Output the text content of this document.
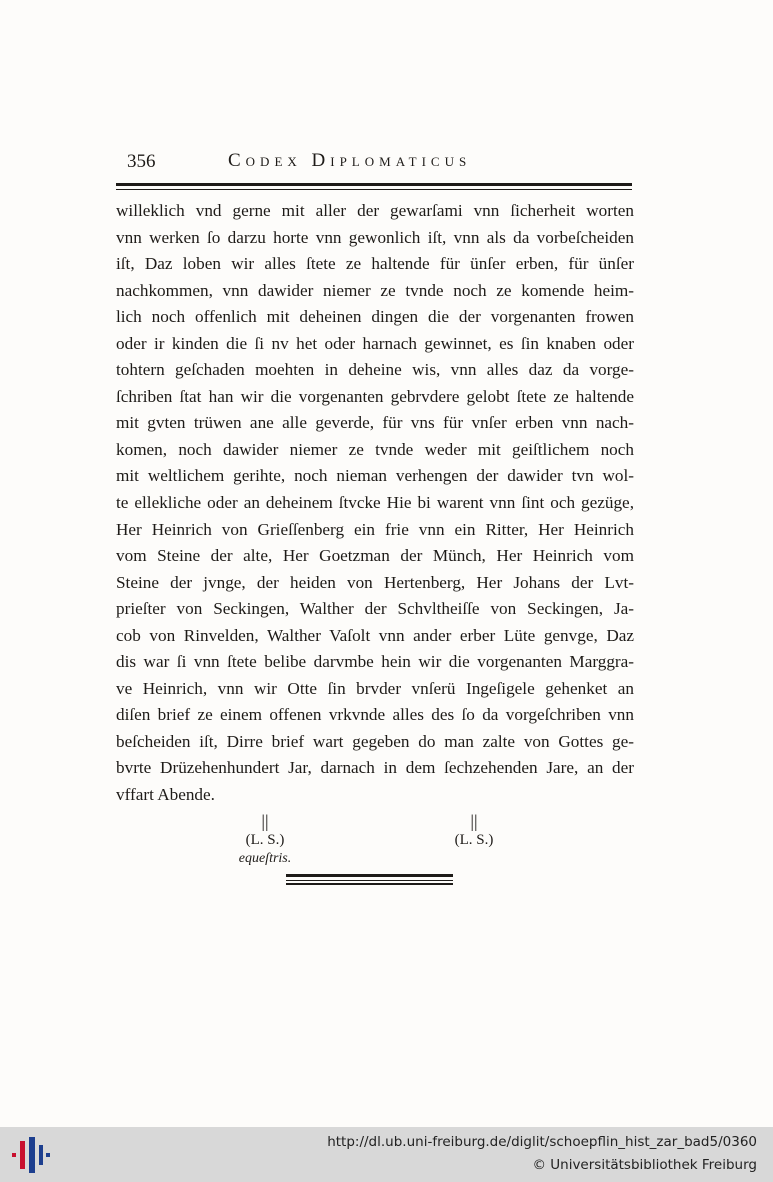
356	Codex Diplomaticus
willeklich vnd gerne mit aller der gewarſami vnn ſicherheit worten
vnn werken ſo darzu horte vnn gewonlich iſt, vnn als da vorbeſcheiden
iſt, Daz loben wir alles ſtete ze haltende für ünſer erben, für ünſer
nachkommen, vnn dawider niemer ze tvnde noch ze komende heim-
lich noch offenlich mit deheinen dingen die der vorgenanten frowen
oder ir kinden die ſi nv het oder harnach gewinnet, es ſin knaben oder
tohtern geſchaden moehten in deheine wis, vnn alles daz da vorge-
ſchriben ſtat han wir die vorgenanten gebrvdere gelobt ſtete ze haltende
mit gvten trüwen ane alle geverde, für vns für vnſer erben vnn nach-
komen, noch dawider niemer ze tvnde weder mit geiſtlichem noch
mit weltlichem gerihte, noch nieman verhengen der dawider tvn wol-
te ellekliche oder an deheinem ſtvcke Hie bi warent vnn ſint och gezüge,
Her Heinrich von Grieſſenberg ein frie vnn ein Ritter, Her Heinrich
vom Steine der alte, Her Goetzman der Münch, Her Heinrich vom
Steine der jvnge, der heiden von Hertenberg, Her Johans der Lvt-
prieſter von Seckingen, Walther der Schvltheiſſe von Seckingen, Ja-
cob von Rinvelden, Walther Vaſolt vnn ander erber Lüte genvge, Daz
dis war ſi vnn ſtete belibe darvmbe hein wir die vorgenanten Marggra-
ve Heinrich, vnn wir Otte ſin brvder vnſerü Ingeſigele gehenket an
diſen brief ze einem offenen vrkvnde alles des ſo da vorgeſchriben vnn
beſcheiden iſt, Dirre brief wart gegeben do man zalte von Gottes ge-
bvrte Drüzehenhundert Jar, darnach in dem ſechzehenden Jare, an der
vffart Abende.
||
(L. S.)
equeſtris.
||
(L. S.)
http://dl.ub.uni-freiburg.de/diglit/schoepflin_hist_zar_bad5/0360
© Universitätsbibliothek Freiburg
